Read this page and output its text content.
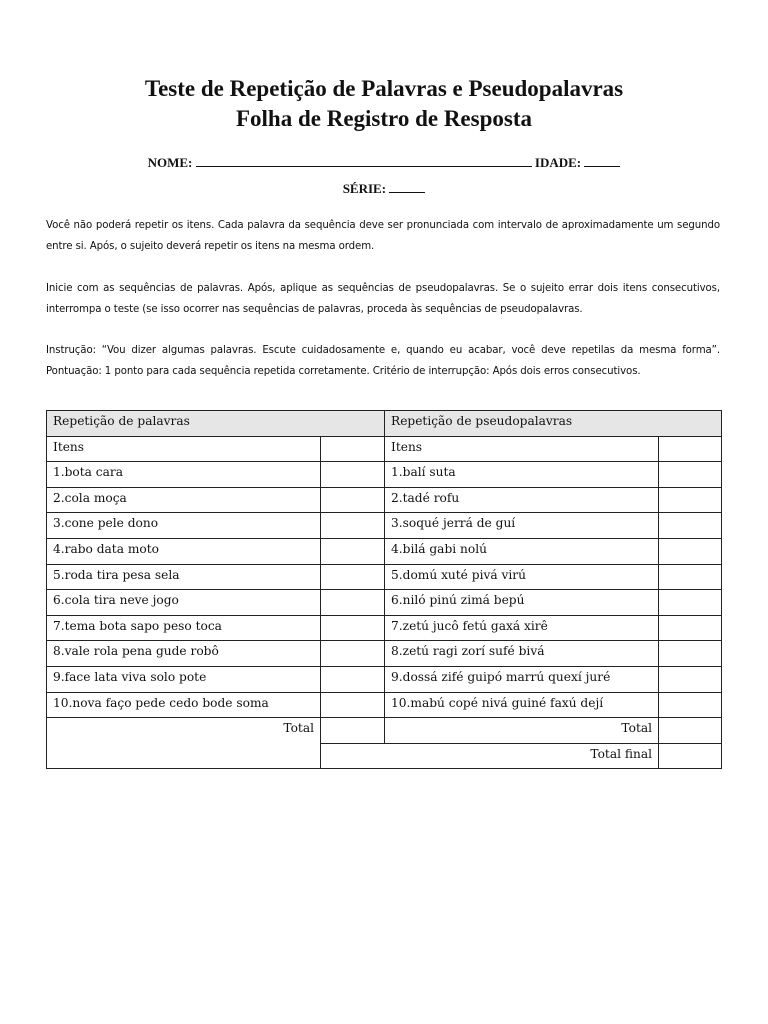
Teste de Repetição de Palavras e Pseudopalavras
Folha de Registro de Resposta
NOME:	IDADE:
SÉRIE:
Você não poderá repetir os itens. Cada palavra da sequência deve ser pronunciada com intervalo de aproximadamente um segundo entre si. Após, o sujeito deverá repetir os itens na mesma ordem.
Inicie com as sequências de palavras. Após, aplique as sequências de pseudopalavras. Se o sujeito errar dois itens consecutivos, interrompa o teste (se isso ocorrer nas sequências de palavras, proceda às sequências de pseudopalavras.
Instrução: “Vou dizer algumas palavras. Escute cuidadosamente e, quando eu acabar, você deve repetilas da mesma forma”. Pontuação: 1 ponto para cada sequência repetida corretamente. Critério de interrupção: Após dois erros consecutivos.
Repetição de palavras		Repetição de pseudopalavras	
Itens		Itens	
1.bota cara		1.balí suta	
2.cola moça		2.tadé rofu	
3.cone pele dono		3.soqué jerrá de guí	
4.rabo data moto		4.bilá gabi nolú	
5.roda tira pesa sela		5.domú xuté pivá virú	
6.cola tira neve jogo		6.niló pinú zimá bepú	
7.tema bota sapo peso toca		7.zetú jucô fetú gaxá xirê	
8.vale rola pena gude robô		8.zetú ragi zorí sufé bivá	
9.face lata viva solo pote		9.dossá zifé guipó marrú quexí juré	
10.nova faço pede cedo bode soma		10.mabú copé nivá guiné faxú dejí	
Total		Total	
	Total final		
